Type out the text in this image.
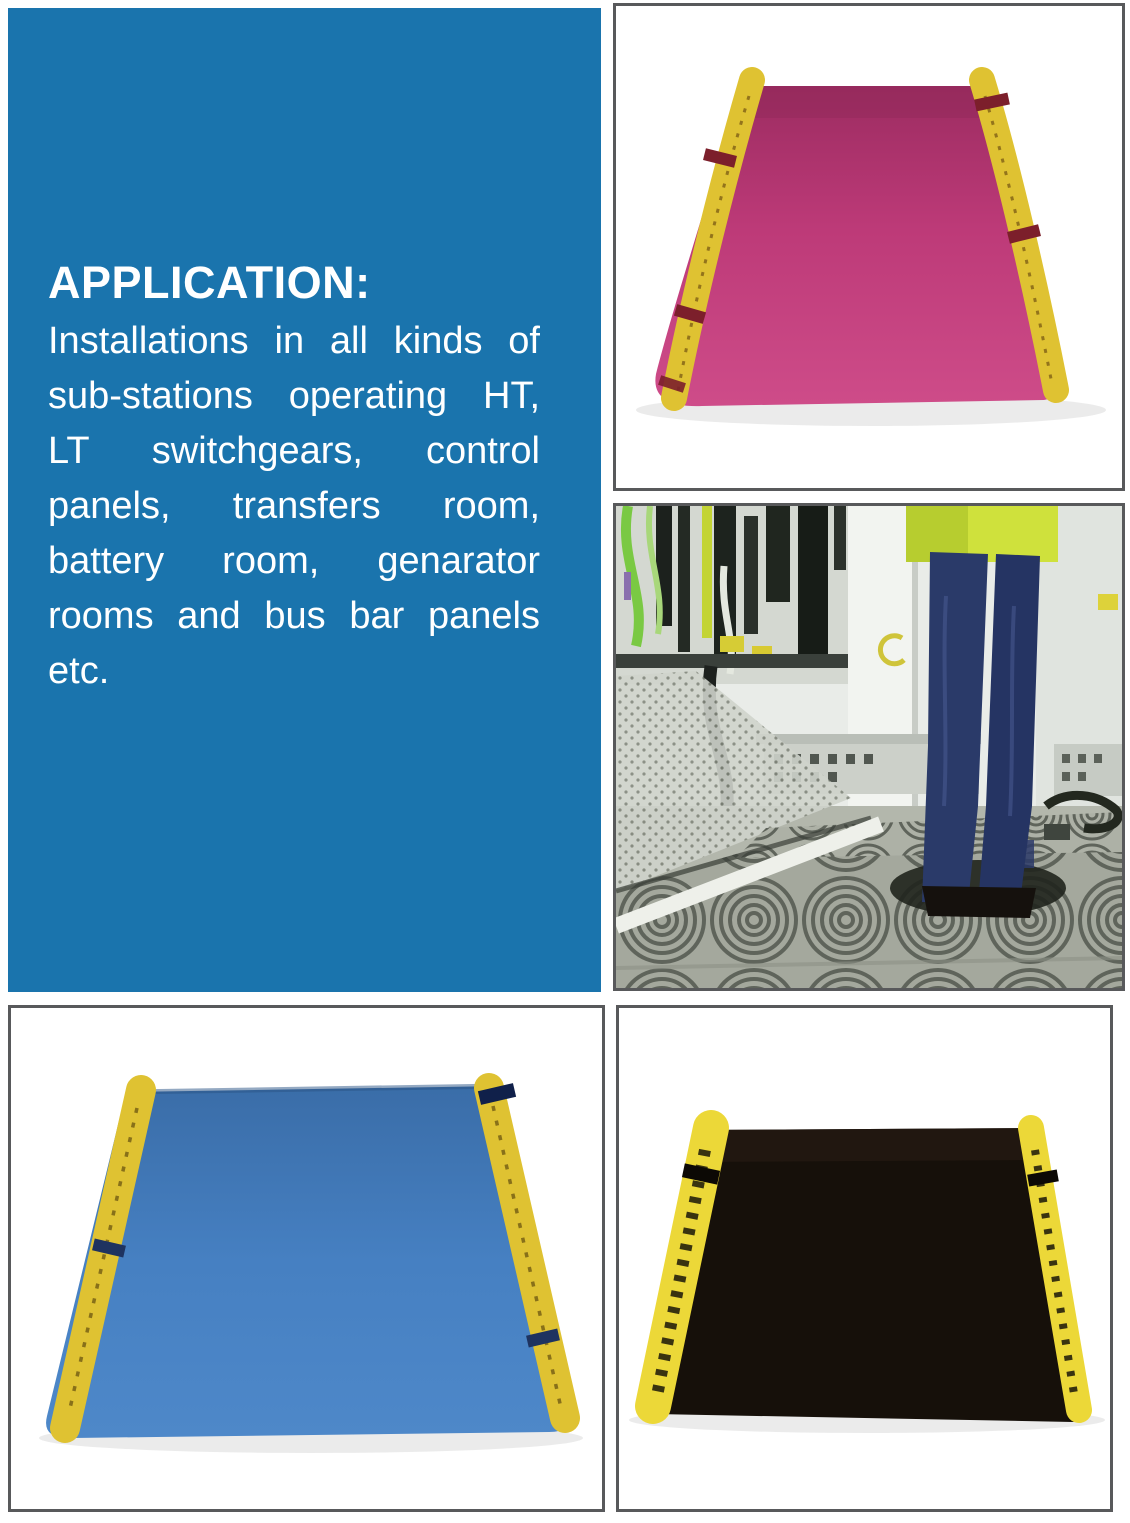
APPLICATION:

Installations in all kinds of

sub-stations operating HT,

LT switchgears, control

panels, transfers room,

battery room, genarator

rooms and bus bar panels

etc.
